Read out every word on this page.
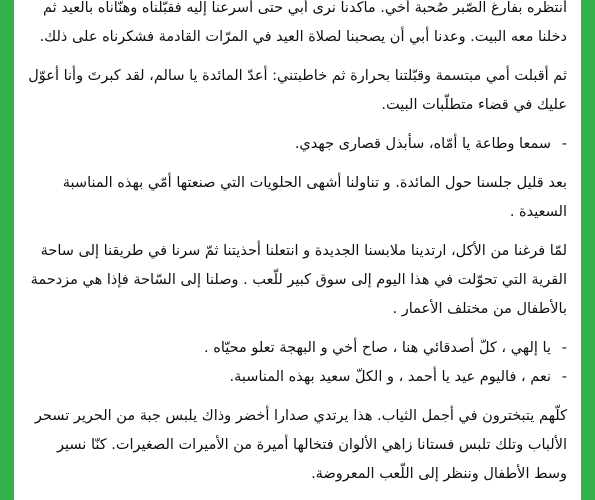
أنتظره بفارغ الصّبر صُحبة أخي. ماكدنا نرى أبي حتى أسرعنا إليه فقبّلناه وهنّأناه بالعيد ثم دخلنا معه البيت. وعدنا أبي أن يصحبنا لصلاة العيد في المرّات القادمة فشكرناه على ذلك.

ثم أقبلت أمي مبتسمة وقبّلتنا بحرارة ثم خاطبتني: أعدّ المائدة يا سالم، لقد كبرتَ وأنا أعوّل عليك في قضاء متطلّبات البيت.

-
سمعا وطاعة يا أمّاه، سأبذل قصارى جهدي.

بعد قليل جلسنا حول المائدة. و تناولنا أشهى الحلويات التي صنعتها أمّي بهذه المناسبة السعيدة .

لمّا فرغنا من الأكل، ارتدينا ملابسنا الجديدة و انتعلنا أحذيتنا ثمّ سرنا في طريقنا إلى ساحة القرية التي تحوّلت في هذا اليوم إلى سوق كبير للّعب . وصلنا إلى السّاحة فإذا هي مزدحمة بالأطفال من مختلف الأعمار .

-
يا إلهي ، كلّ أصدقائي هنا ، صاح أخي و البهجة تعلو محيّاه .

-
نعم ، فاليوم عيد يا أحمد ، و الكلّ سعيد بهذه المناسبة.

كلّهم يتبخترون في أجمل الثياب. هذا يرتدي صدارا أخضر وذاك يلبس جبة من الحرير تسحر الألباب وتلك تلبس فستانا زاهي الألوان فتخالها أميرة من الأميرات الصغيرات. كنّا نسير وسط الأطفال وننظر إلى اللّعب المعروضة.
